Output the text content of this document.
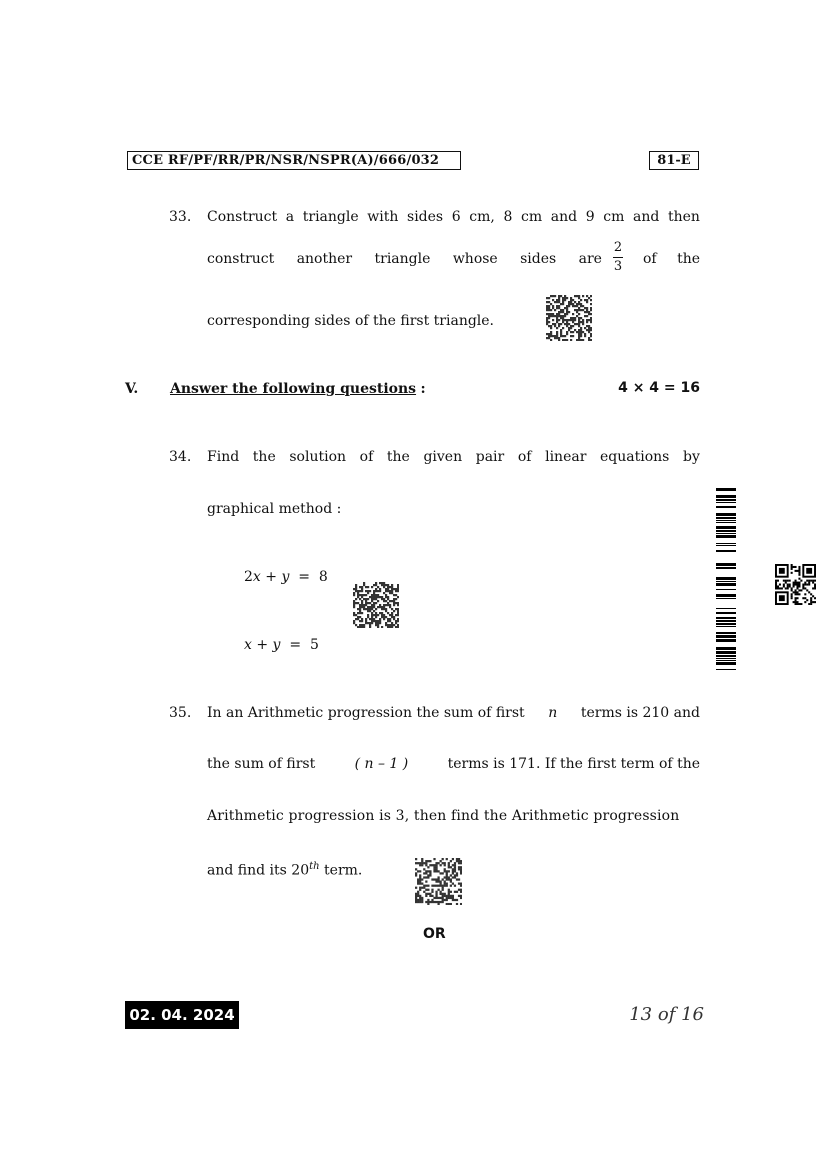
CCE RF/PF/RR/PR/NSR/NSPR(A)/666/032	81-E
33. Construct a triangle with sides 6 cm, 8 cm and 9 cm and then
construct another triangle whose sides are
2
3	of the
corresponding sides of the first triangle.
V. Answer the following questions :	4 × 4 = 16
34. Find the solution of the given pair of linear equations by
graphical method :
2x + y  =  8
x + y  =  5
35. In an Arithmetic progression the sum of first n terms is 210 and
the sum of first	( n – 1 )	terms is 171. If the first term of the
Arithmetic progression is 3, then find the Arithmetic progression
and find its 20th term.
OR
02. 04. 2024	13 of 16
